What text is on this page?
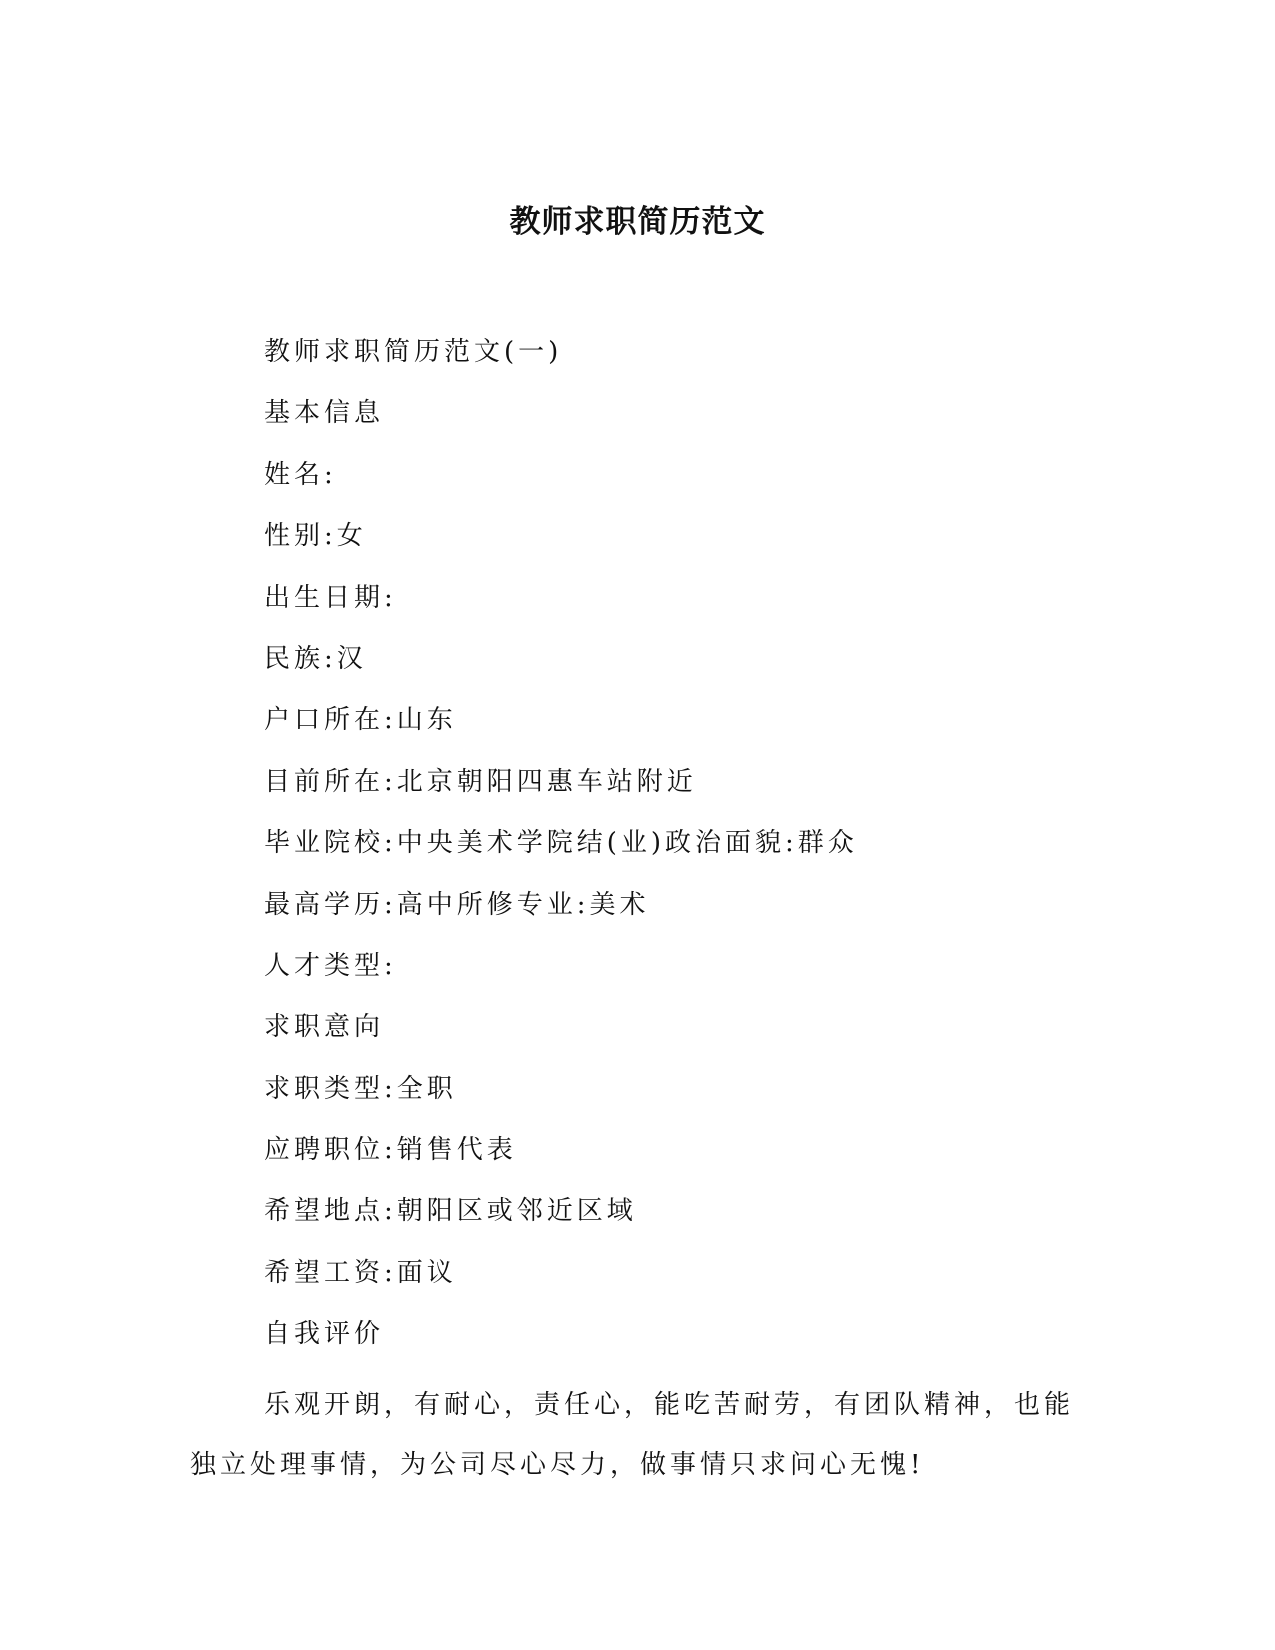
教师求职简历范文
教师求职简历范文(一)
基本信息
姓名:
性别:女
出生日期:
民族:汉
户口所在:山东
目前所在:北京朝阳四惠车站附近
毕业院校:中央美术学院结(业)政治面貌:群众
最高学历:高中所修专业:美术
人才类型:
求职意向
求职类型:全职
应聘职位:销售代表
希望地点:朝阳区或邻近区域
希望工资:面议
自我评价

乐观开朗，有耐心，责任心，能吃苦耐劳，有团队精神，也能独立处理事情，为公司尽心尽力，做事情只求问心无愧!
